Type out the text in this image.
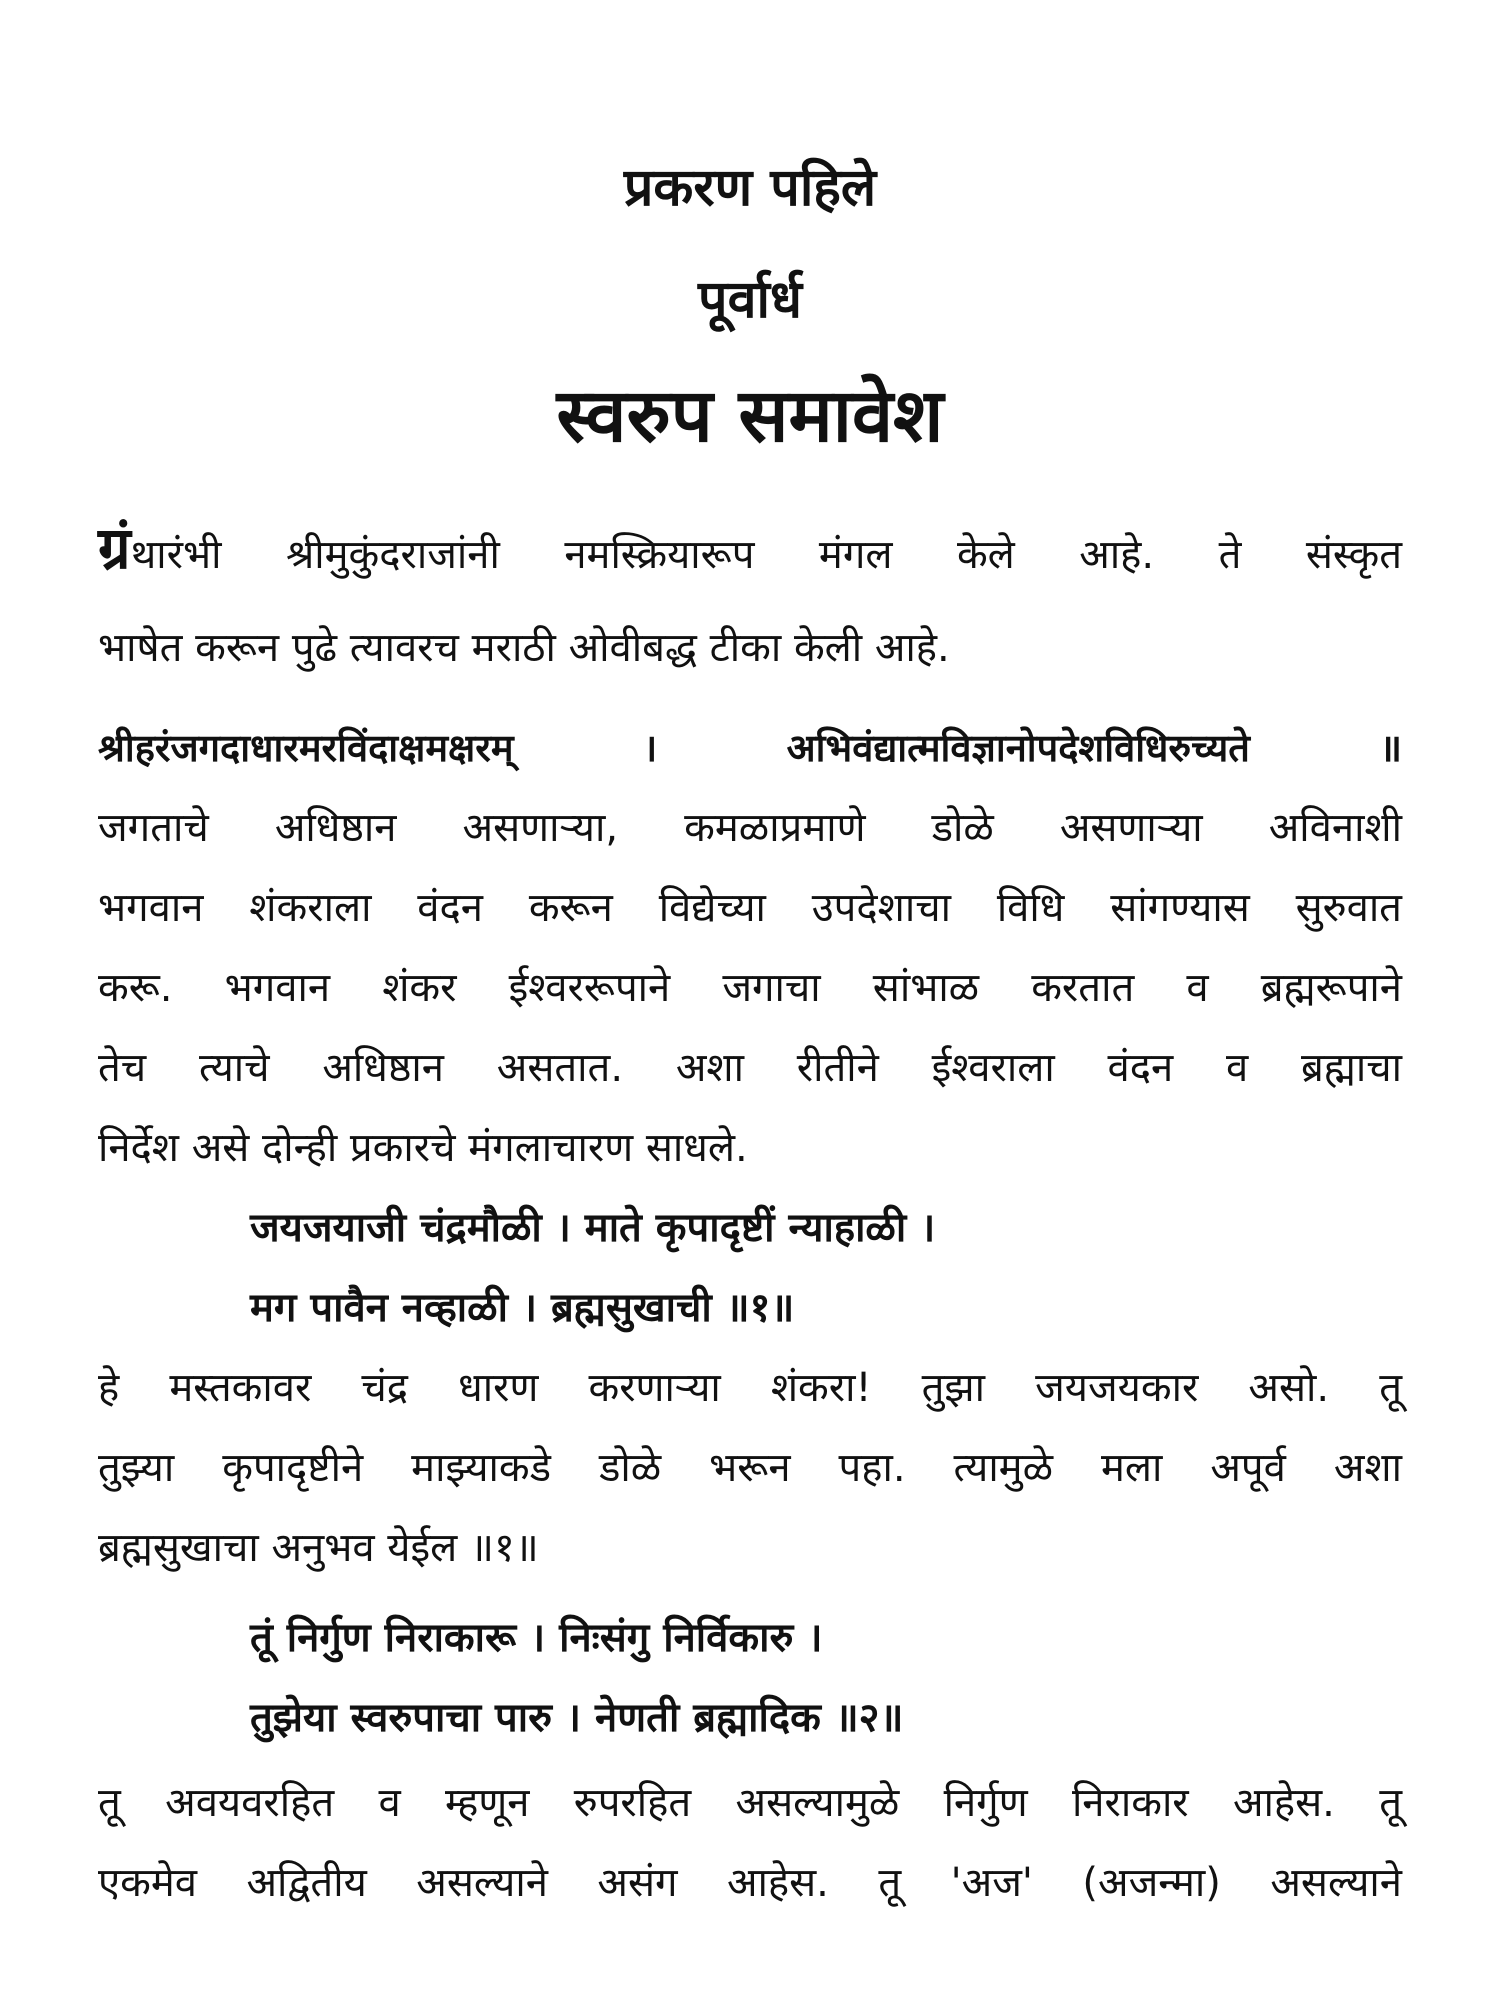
प्रकरण पहिले
पूर्वार्ध
स्वरुप समावेश
ग्रंथारंभी श्रीमुकुंदराजांनी नमस्क्रियारूप मंगल केले आहे. ते संस्कृत
भाषेत करून पुढे त्यावरच मराठी ओवीबद्ध टीका केली आहे.
श्रीहरंजगदाधारमरविंदाक्षमक्षरम् । अभिवंद्यात्मविज्ञानोपदेशविधिरुच्यते ॥
जगताचे अधिष्ठान असणाऱ्या, कमळाप्रमाणे डोळे असणाऱ्या अविनाशी
भगवान शंकराला वंदन करून विद्येच्या उपदेशाचा विधि सांगण्यास सुरुवात
करू. भगवान शंकर ईश्वररूपाने जगाचा सांभाळ करतात व ब्रह्मरूपाने
तेच त्याचे अधिष्ठान असतात. अशा रीतीने ईश्वराला वंदन व ब्रह्माचा
निर्देश असे दोन्ही प्रकारचे मंगलाचारण साधले.
जयजयाजी चंद्रमौळी । माते कृपादृष्टीं न्याहाळी ।
मग पावैन नव्हाळी । ब्रह्मसुखाची ॥१॥
हे मस्तकावर चंद्र धारण करणाऱ्या शंकरा! तुझा जयजयकार असो. तू
तुझ्या कृपादृष्टीने माझ्याकडे डोळे भरून पहा. त्यामुळे मला अपूर्व अशा
ब्रह्मसुखाचा अनुभव येईल ॥१॥
तूं निर्गुण निराकारू । निःसंगु निर्विकारु ।
तुझेया स्वरुपाचा पारु । नेणती ब्रह्मादिक ॥२॥
तू अवयवरहित व म्हणून रुपरहित असल्यामुळे निर्गुण निराकार आहेस. तू
एकमेव अद्वितीय असल्याने असंग आहेस. तू 'अज' (अजन्मा) असल्याने
